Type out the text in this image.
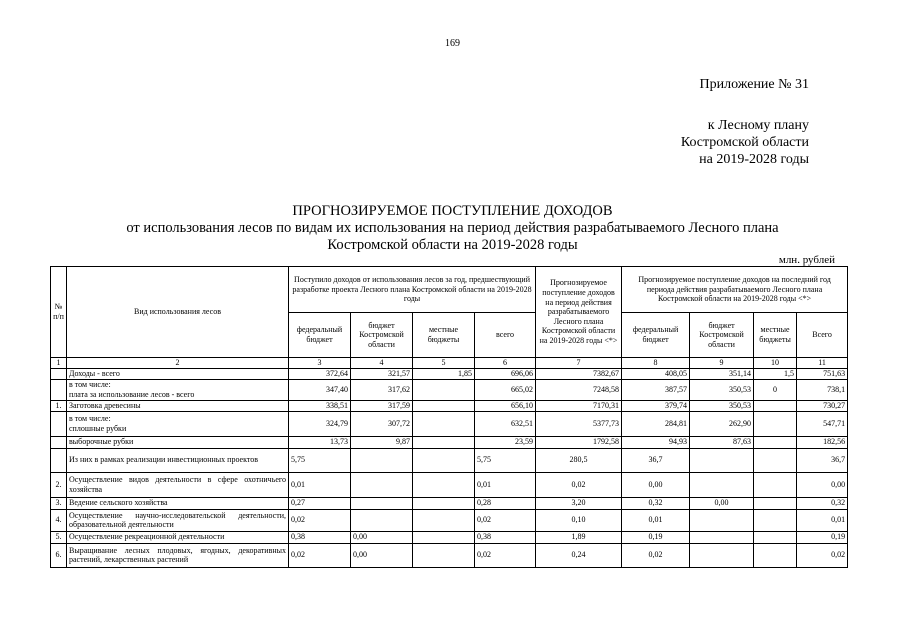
169
Приложение № 31
к Лесному плану
Костромской области
на 2019-2028 годы
ПРОГНОЗИРУЕМОЕ ПОСТУПЛЕНИЕ ДОХОДОВ
от использования лесов по видам их использования на период действия разрабатываемого Лесного плана
Костромской области на 2019-2028 годы
млн. рублей
№ п/п	Вид использования лесов	Поступило доходов от использования лесов за год, предшествующий разработке проекта Лесного плана Костромской области на 2019-2028 годы				Прогнозируемое поступление доходов на период действия разрабатываемого Лесного плана Костромской области на 2019-2028 годы <*>	Прогнозируемое поступление доходов на последний год периода действия разрабатываемого Лесного плана Костромской области на 2019-2028 годы <*>			
		федеральный бюджет	бюджет Костромской области	местные бюджеты	всего		федеральный бюджет	бюджет Костромской области	местные бюджеты	Всего
1	2	3	4	5	6	7	8	9	10	11
	Доходы - всего	372,64	321,57	1,85	696,06	7382,67	408,05	351,14	1,5	751,63

	в том числе:
плата за использование лесов - всего	347,40	317,62		665,02	7248,58	387,57	350,53	0	738,1
1.	Заготовка древесины	338,51	317,59		656,10	7170,31	379,74	350,53		730,27

	в том числе:
сплошные рубки	324,79	307,72		632,51	5377,73	284,81	262,90		547,71
	выборочные рубки	13,73	9,87		23,59	1792,58	94,93	87,63		182,56
	Из них в рамках реализации инвестиционных проектов	5,75			5,75	280,5	36,7			36,7
2.	Осуществление видов деятельности в сфере охотничьего хозяйства	0,01			0,01	0,02	0,00			0,00
3.	Ведение сельского хозяйства	0,27			0,28	3,20	0,32	0,00		0,32
4.	Осуществление научно-исследовательской деятельности, образовательной деятельности	0,02			0,02	0,10	0,01			0,01
5.	Осуществление рекреационной деятельности	0,38	0,00		0,38	1,89	0,19			0,19
6.	Выращивание лесных плодовых, ягодных, декоративных растений, лекарственных растений	0,02	0,00		0,02	0,24	0,02			0,02
